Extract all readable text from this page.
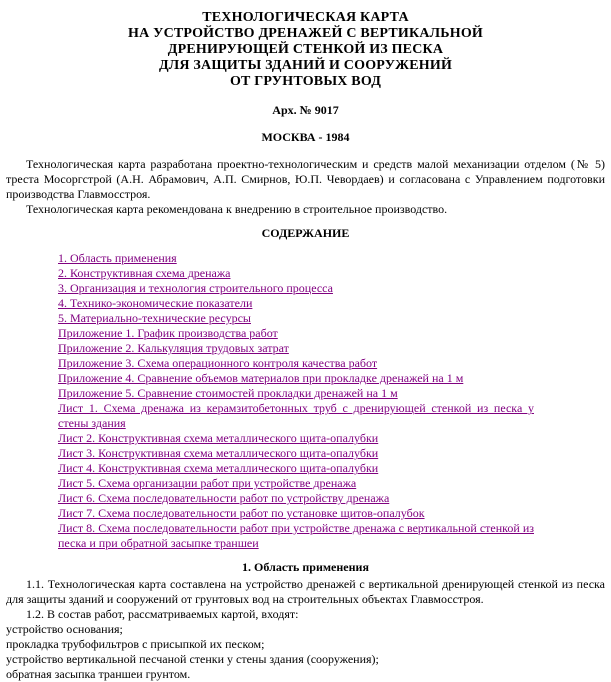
ТЕХНОЛОГИЧЕСКАЯ КАРТА
НА УСТРОЙСТВО ДРЕНАЖЕЙ С ВЕРТИКАЛЬНОЙ
ДРЕНИРУЮЩЕЙ СТЕНКОЙ ИЗ ПЕСКА
ДЛЯ ЗАЩИТЫ ЗДАНИЙ И СООРУЖЕНИЙ
ОТ ГРУНТОВЫХ ВОД

Арх. № 9017

МОСКВА - 1984

Технологическая карта разработана проектно-технологическим и средств малой механизации отделом (№ 5) треста Мосоргстрой (А.Н. Абрамович, А.П. Смирнов, Ю.П. Чевордаев) и согласована с Управлением подготовки производства Главмосстроя.

Технологическая карта рекомендована к внедрению в строительное производство.

СОДЕРЖАНИЕ

1. Область применения
2. Конструктивная схема дренажа
3. Организация и технология строительного процесса
4. Технико-экономические показатели
5. Материально-технические ресурсы
Приложение 1. График производства работ
Приложение 2. Калькуляция трудовых затрат
Приложение 3. Схема операционного контроля качества работ
Приложение 4. Сравнение объемов материалов при прокладке дренажей на 1 м
Приложение 5. Сравнение стоимостей прокладки дренажей на 1 м
Лист 1. Схема дренажа из керамзитобетонных труб с дренирующей стенкой из песка у стены здания
Лист 2. Конструктивная схема металлического щита-опалубки
Лист 3. Конструктивная схема металлического щита-опалубки
Лист 4. Конструктивная схема металлического щита-опалубки
Лист 5. Схема организации работ при устройстве дренажа
Лист 6. Схема последовательности работ по устройству дренажа
Лист 7. Схема последовательности работ по установке щитов-опалубок
Лист 8. Схема последовательности работ при устройстве дренажа с вертикальной стенкой из песка и при обратной засыпке траншеи

1. Область применения

1.1. Технологическая карта составлена на устройство дренажей с вертикальной дренирующей стенкой из песка для защиты зданий и сооружений от грунтовых вод на строительных объектах Главмосстроя.

1.2. В состав работ, рассматриваемых картой, входят:

устройство основания;

прокладка трубофильтров с присыпкой их песком;

устройство вертикальной песчаной стенки у стены здания (сооружения);

обратная засыпка траншеи грунтом.
